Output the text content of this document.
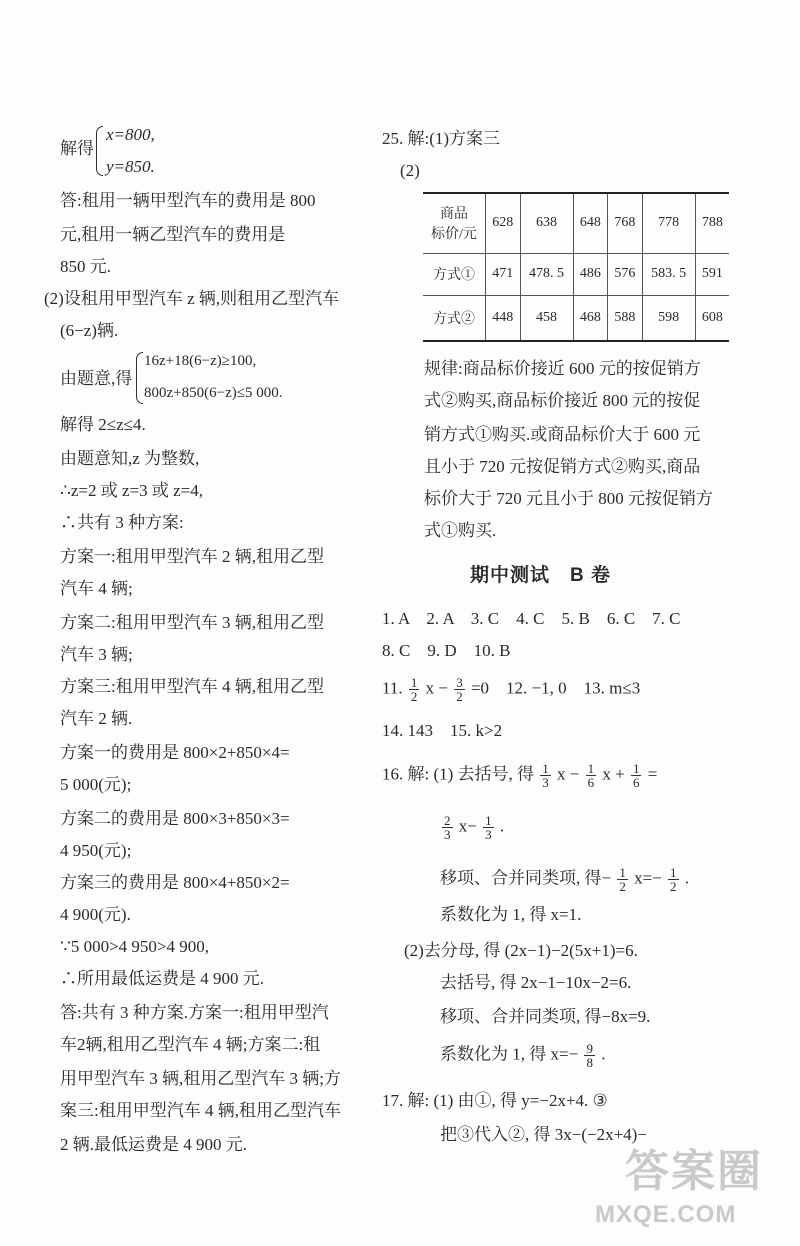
解得
x=800,
y=850.
答:租用一辆甲型汽车的费用是 800
元,租用一辆乙型汽车的费用是
850 元.
(2)设租用甲型汽车 z 辆,则租用乙型汽车
(6−z)辆.
由题意,得
16z+18(6−z)≥100,
800z+850(6−z)≤5 000.
解得 2≤z≤4.
由题意知,z 为整数,
∴z=2 或 z=3 或 z=4,
∴共有 3 种方案:
方案一:租用甲型汽车 2 辆,租用乙型
汽车 4 辆;
方案二:租用甲型汽车 3 辆,租用乙型
汽车 3 辆;
方案三:租用甲型汽车 4 辆,租用乙型
汽车 2 辆.
方案一的费用是 800×2+850×4=
5 000(元);
方案二的费用是 800×3+850×3=
4 950(元);
方案三的费用是 800×4+850×2=
4 900(元).
∵5 000>4 950>4 900,
∴所用最低运费是 4 900 元.
答:共有 3 种方案.方案一:租用甲型汽
车2辆,租用乙型汽车 4 辆;方案二:租
用甲型汽车 3 辆,租用乙型汽车 3 辆;方
案三:租用甲型汽车 4 辆,租用乙型汽车
2 辆.最低运费是 4 900 元.
25. 解:(1)方案三
(2)
商品
标价/元	628	638	648	768	778	788
方式①	471	478. 5	486	576	583. 5	591
方式②	448	458	468	588	598	608
规律:商品标价接近 600 元的按促销方
式②购买,商品标价接近 800 元的按促
销方式①购买.或商品标价大于 600 元
且小于 720 元按促销方式②购买,商品
标价大于 720 元且小于 800 元按促销方
式①购买.
期中测试　B 卷
1. A　2. A　3. C　4. C　5. B　6. C　7. C
8. C　9. D　10. B
11. $\frac{1}{2}$ $x - \frac{3}{2} =0$　12. −1, 0　13. m≤3
14. 143　15. k>2
16. 解: (1) 去括号, 得 $\frac{1}{3}$ $x - \frac{1}{6}$ $x + \frac{1}{6}$ =
$\frac{2}{3} x- \frac{1}{3}$ .
移项、合并同类项, 得− $\frac{1}{2} x=- \frac{1}{2}$ .
系数化为 1, 得 x=1.
(2)去分母, 得 (2x−1)−2(5x+1)=6.
去括号, 得 2x−1−10x−2=6.
移项、合并同类项, 得−8x=9.
系数化为 1, 得 $x=- \frac{9}{8}$ .
17. 解: (1) 由①, 得 y=−2x+4. ③
把③代入②, 得 3x−(−2x+4)−
答案圈
MXQE.COM
